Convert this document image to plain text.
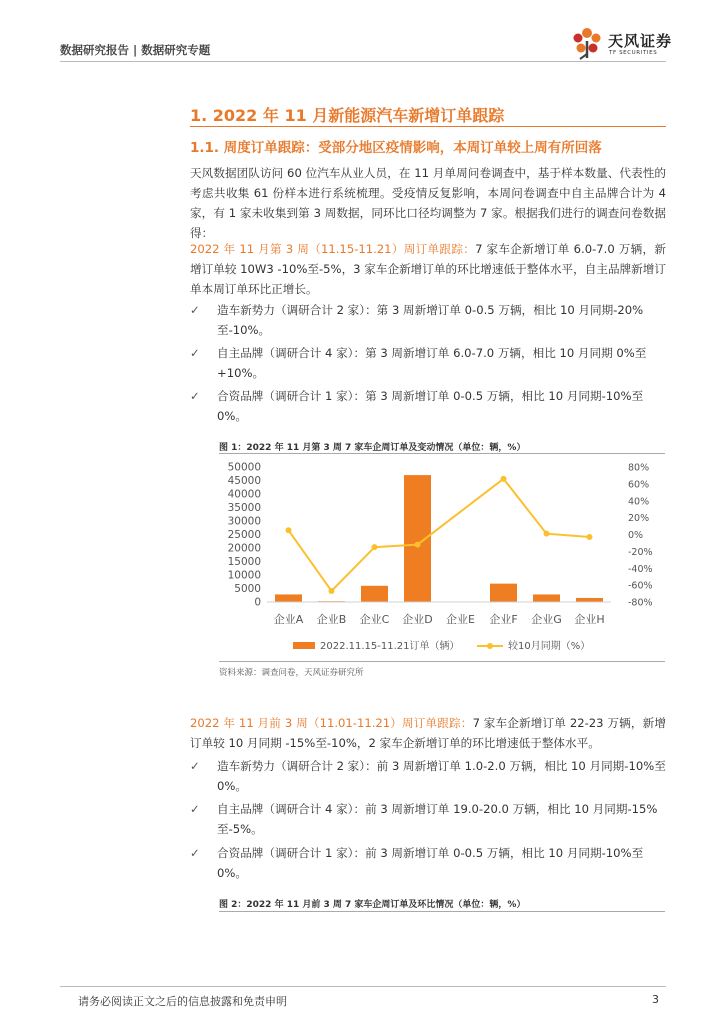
数据研究报告 | 数据研究专题	天风证券
TF SECURITIES
1. 2022 年 11 月新能源汽车新增订单跟踪
1.1. 周度订单跟踪：受部分地区疫情影响，本周订单较上周有所回落
天风数据团队访问 60 位汽车从业人员，在 11 月单周问卷调查中，基于样本数量、代表性的考虑共收集 61 份样本进行系统梳理。受疫情反复影响，本周问卷调查中自主品牌合计为 4 家，有 1 家未收集到第 3 周数据，同环比口径均调整为 7 家。根据我们进行的调查问卷数据得：
2022 年 11 月第 3 周（11.15-11.21）周订单跟踪：7 家车企新增订单 6.0-7.0 万辆，新增订单较 10W3 -10%至-5%，3 家车企新增订单的环比增速低于整体水平，自主品牌新增订单本周订单环比正增长。
✓	造车新势力（调研合计 2 家）：第 3 周新增订单 0-0.5 万辆，相比 10 月同期-20%至-10%。
✓	自主品牌（调研合计 4 家）：第 3 周新增订单 6.0-7.0 万辆，相比 10 月同期 0%至+10%。
✓	合资品牌（调研合计 1 家）：第 3 周新增订单 0-0.5 万辆，相比 10 月同期-10%至 0%。
图 1：2022 年 11 月第 3 周 7 家车企周订单及变动情况（单位：辆，%）
0
5000
10000
15000
20000
25000
30000
35000
40000
45000
50000	80%
60%
40%
20%
0%
-20%
-40%
-60%
-80%
企业A 企业B 企业C 企业D 企业E 企业F 企业G 企业H
2022.11.15-11.21订单（辆）	较10月同期（%）
资料来源：调查问卷，天风证券研究所
2022 年 11 月前 3 周（11.01-11.21）周订单跟踪：7 家车企新增订单 22-23 万辆，新增订单较 10 月同期 -15%至-10%，2 家车企新增订单的环比增速低于整体水平。
✓	造车新势力（调研合计 2 家）：前 3 周新增订单 1.0-2.0 万辆，相比 10 月同期-10%至 0%。
✓	自主品牌（调研合计 4 家）：前 3 周新增订单 19.0-20.0 万辆，相比 10 月同期-15%至-5%。
✓	合资品牌（调研合计 1 家）：前 3 周新增订单 0-0.5 万辆，相比 10 月同期-10%至 0%。
图 2：2022 年 11 月前 3 周 7 家车企周订单及环比情况（单位：辆，%）
请务必阅读正文之后的信息披露和免责申明	3
